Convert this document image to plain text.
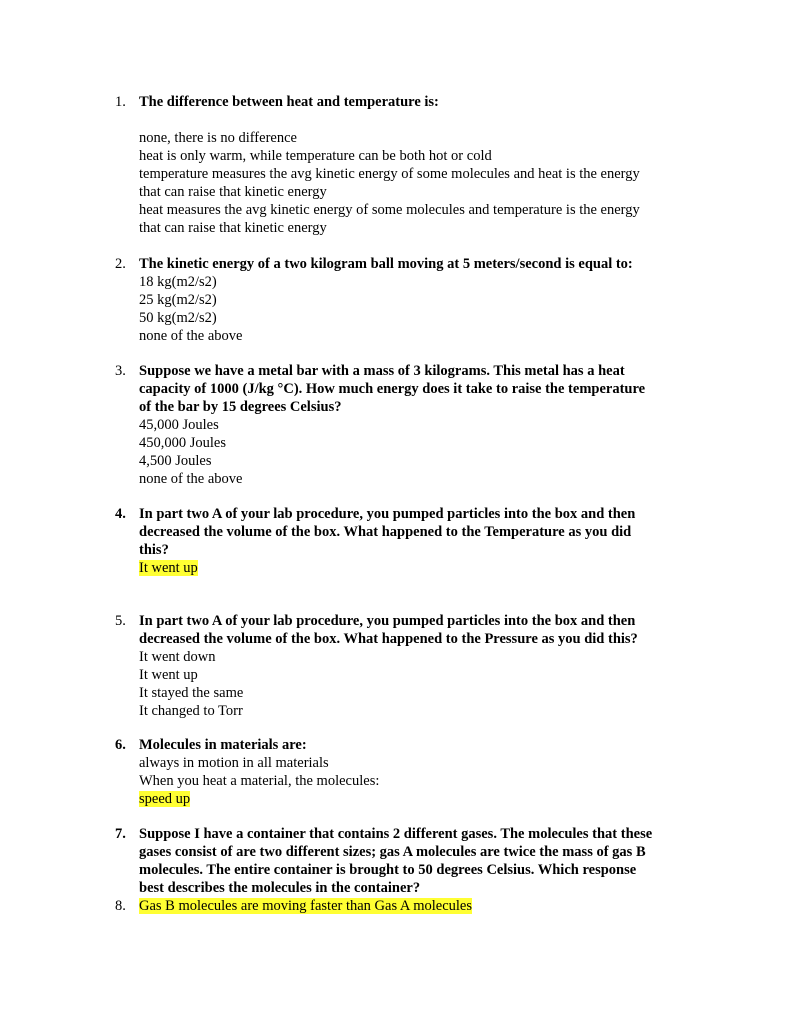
1. The difference between heat and temperature is:
none, there is no difference
heat is only warm, while temperature can be both hot or cold
temperature measures the avg kinetic energy of some molecules and heat is the energy
that can raise that kinetic energy
heat measures the avg kinetic energy of some molecules and temperature is the energy
that can raise that kinetic energy
2. The kinetic energy of a two kilogram ball moving at 5 meters/second is equal to:
18 kg(m2/s2)
25 kg(m2/s2)
50 kg(m2/s2)
none of the above
3. Suppose we have a metal bar with a mass of 3 kilograms. This metal has a heat
capacity of 1000 (J/kg °C). How much energy does it take to raise the temperature
of the bar by 15 degrees Celsius?
45,000 Joules
450,000 Joules
4,500 Joules
none of the above
4. In part two A of your lab procedure, you pumped particles into the box and then
decreased the volume of the box. What happened to the Temperature as you did
this?
It went up
5. In part two A of your lab procedure, you pumped particles into the box and then
decreased the volume of the box. What happened to the Pressure as you did this?
It went down
It went up
It stayed the same
It changed to Torr
6. Molecules in materials are:
always in motion in all materials
When you heat a material, the molecules:
speed up
7. Suppose I have a container that contains 2 different gases. The molecules that these
gases consist of are two different sizes; gas A molecules are twice the mass of gas B
molecules. The entire container is brought to 50 degrees Celsius. Which response
best describes the molecules in the container?
8. Gas B molecules are moving faster than Gas A molecules
